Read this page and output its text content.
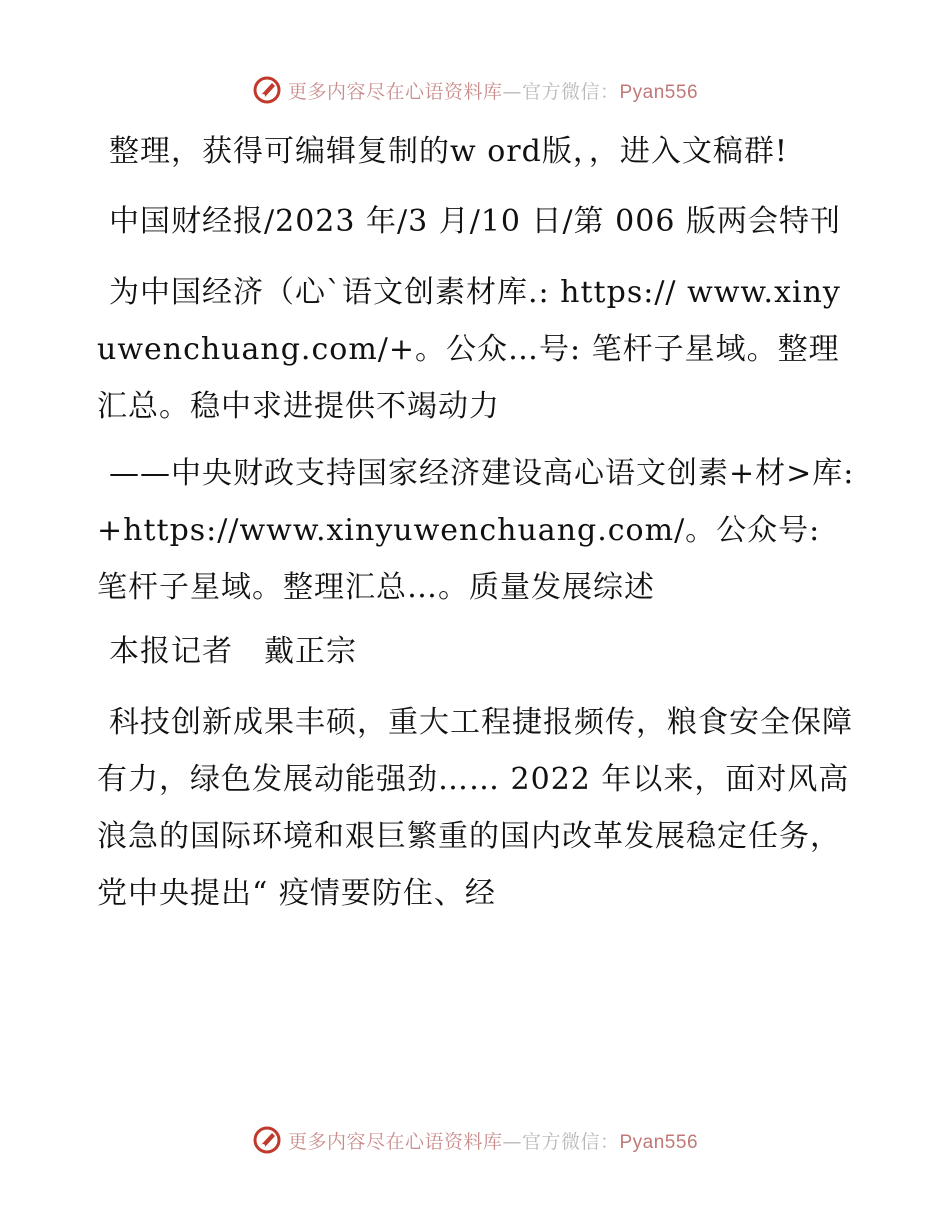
更多内容尽在心语资料库—官方微信：Pyan556

整理，获得可编辑复制的w ord版，，进入文稿群!

中国财经报/2023 年/3 月/10 日/第 006 版两会特刊

为中国经济（心`语文创素材库.: https:// www.xinyuwenchuang.com/+。公众…号: 笔杆子星域。整理汇总。稳中求进提供不竭动力

——中央财政支持国家经济建设高心语文创素+材>库: +https://www.xinyuwenchuang.com/。公众号: 笔杆子星域。整理汇总…。质量发展综述

本报记者　戴正宗

科技创新成果丰硕，重大工程捷报频传，粮食安全保障有力，绿色发展动能强劲…… 2022 年以来，面对风高浪急的国际环境和艰巨繁重的国内改革发展稳定任务，党中央提出“ 疫情要防住、经

更多内容尽在心语资料库—官方微信：Pyan556
